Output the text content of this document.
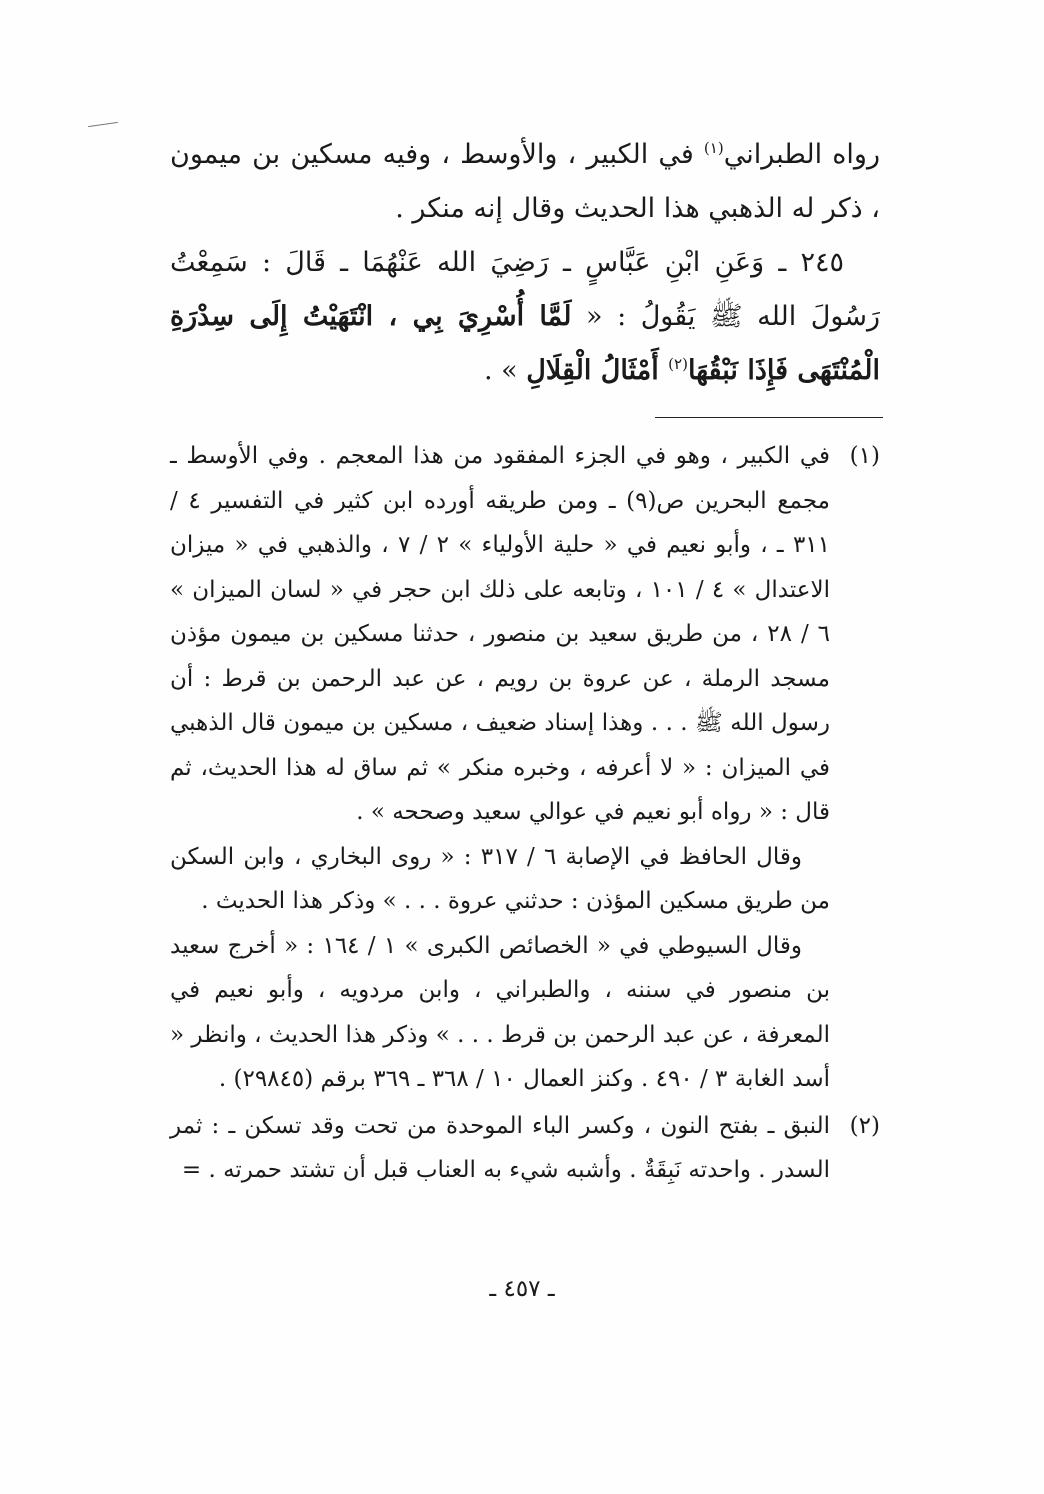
رواه الطبراني$^{(١)}$ في الكبير ، والأوسط ، وفيه مسكين بن ميمون ، ذكر له الذهبي هذا الحديث وقال إنه منكر .

٢٤٥ ـ وَعَنِ ابْنِ عَبَّاسٍ ـ رَضِيَ الله عَنْهُمَا ـ قَالَ : سَمِعْتُ رَسُولَ الله ﷺ يَقُولُ : « لَمَّا أُسْرِيَ بِي ، انْتَهَيْتُ إِلَى سِدْرَةِ الْمُنْتَهَى فَإِذَا نَبْقُهَا$^{(٢)}$ أَمْثَالُ الْقِلَالِ » .

(١)

في الكبير ، وهو في الجزء المفقود من هذا المعجم . وفي الأوسط ـ مجمع البحرين ص(٩) ـ ومن طريقه أورده ابن كثير في التفسير ٤ / ٣١١ ـ ، وأبو نعيم في « حلية الأولياء » ٢ / ٧ ، والذهبي في « ميزان الاعتدال » ٤ / ١٠١ ، وتابعه على ذلك ابن حجر في « لسان الميزان » ٦ / ٢٨ ، من طريق سعيد بن منصور ، حدثنا مسكين بن ميمون مؤذن مسجد الرملة ، عن عروة بن رويم ، عن عبد الرحمن بن قرط : أن رسول الله ﷺ . . . وهذا إسناد ضعيف ، مسكين بن ميمون قال الذهبي في الميزان : « لا أعرفه ، وخبره منكر » ثم ساق له هذا الحديث، ثم قال : « رواه أبو نعيم في عوالي سعيد وصححه » .

وقال الحافظ في الإصابة ٦ / ٣١٧ : « روى البخاري ، وابن السكن من طريق مسكين المؤذن : حدثني عروة . . . » وذكر هذا الحديث .

وقال السيوطي في « الخصائص الكبرى » ١ / ١٦٤ : « أخرج سعيد بن منصور في سننه ، والطبراني ، وابن مردويه ، وأبو نعيم في المعرفة ، عن عبد الرحمن بن قرط . . . » وذكر هذا الحديث ، وانظر « أسد الغابة ٣ / ٤٩٠ . وكنز العمال ١٠ / ٣٦٨ ـ ٣٦٩ برقم (٢٩٨٤٥) .

(٢)

النبق ـ بفتح النون ، وكسر الباء الموحدة من تحت وقد تسكن ـ : ثمر السدر . واحدته نَبِقَةٌ . وأشبه شيء به العناب قبل أن تشتد حمرته . =

ـ ٤٥٧ ـ
